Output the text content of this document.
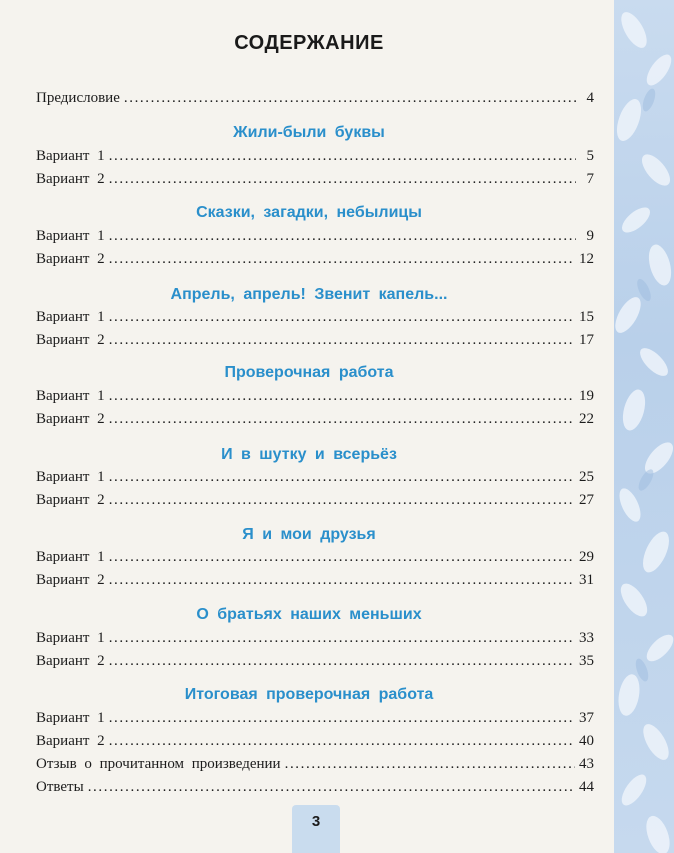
СОДЕРЖАНИЕ
Предисловие .....	4
Жили-были буквы
Вариант 1 .....	5
Вариант 2 .....	7
Сказки, загадки, небылицы
Вариант 1 .....	9
Вариант 2 .....	12
Апрель, апрель! Звенит капель...
Вариант 1 .....	15
Вариант 2 .....	17
Проверочная работа
Вариант 1 .....	19
Вариант 2 .....	22
И в шутку и всерьёз
Вариант 1 .....	25
Вариант 2 .....	27
Я и мои друзья
Вариант 1 .....	29
Вариант 2 .....	31
О братьях наших меньших
Вариант 1 .....	33
Вариант 2 .....	35
Итоговая проверочная работа
Вариант 1 .....	37
Вариант 2 .....	40
Отзыв о прочитанном произведении .....	43
Ответы .....	44
3
